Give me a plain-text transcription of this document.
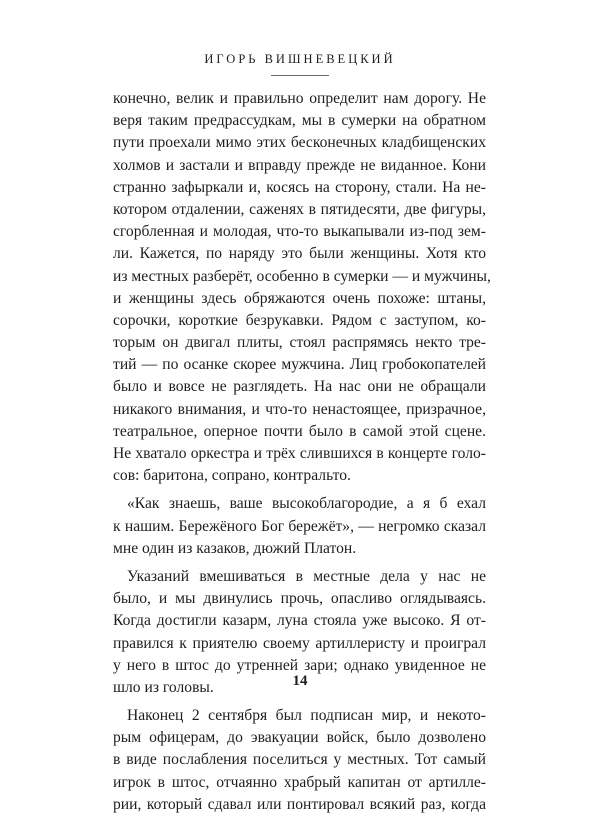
ИГОРЬ ВИШНЕВЕЦКИЙ
конечно, велик и правильно определит нам дорогу. Не
веря таким предрассудкам, мы в сумерки на обратном
пути проехали мимо этих бесконечных кладбищенских
холмов и застали и вправду прежде не виданное. Кони
странно зафыркали и, косясь на сторону, стали. На не-
котором отдалении, саженях в пятидесяти, две фигуры,
сгорбленная и молодая, что-то выкапывали из-под зем-
ли. Кажется, по наряду это были женщины. Хотя кто
из местных разберёт, особенно в сумерки — и мужчины,
и женщины здесь обряжаются очень похоже: штаны,
сорочки, короткие безрукавки. Рядом с заступом, ко-
торым он двигал плиты, стоял распрямясь некто тре-
тий — по осанке скорее мужчина. Лиц гробокопателей
было и вовсе не разглядеть. На нас они не обращали
никакого внимания, и что-то ненастоящее, призрачное,
театральное, оперное почти было в самой этой сцене.
Не хватало оркестра и трёх слившихся в концерте голо-
сов: баритона, сопрано, контральто.
«Как знаешь, ваше высокоблагородие, а я б ехал
к нашим. Бережёного Бог бережёт», — негромко сказал
мне один из казаков, дюжий Платон.
Указаний вмешиваться в местные дела у нас не
было, и мы двинулись прочь, опасливо оглядываясь.
Когда достигли казарм, луна стояла уже высоко. Я от-
правился к приятелю своему артиллеристу и проиграл
у него в штос до утренней зари; однако увиденное не
шло из головы.
Наконец 2 сентября был подписан мир, и некото-
рым офицерам, до эвакуации войск, было дозволено
в виде послабления поселиться у местных. Тот самый
игрок в штос, отчаянно храбрый капитан от артилле-
рии, который сдавал или понтировал всякий раз, когда
14
